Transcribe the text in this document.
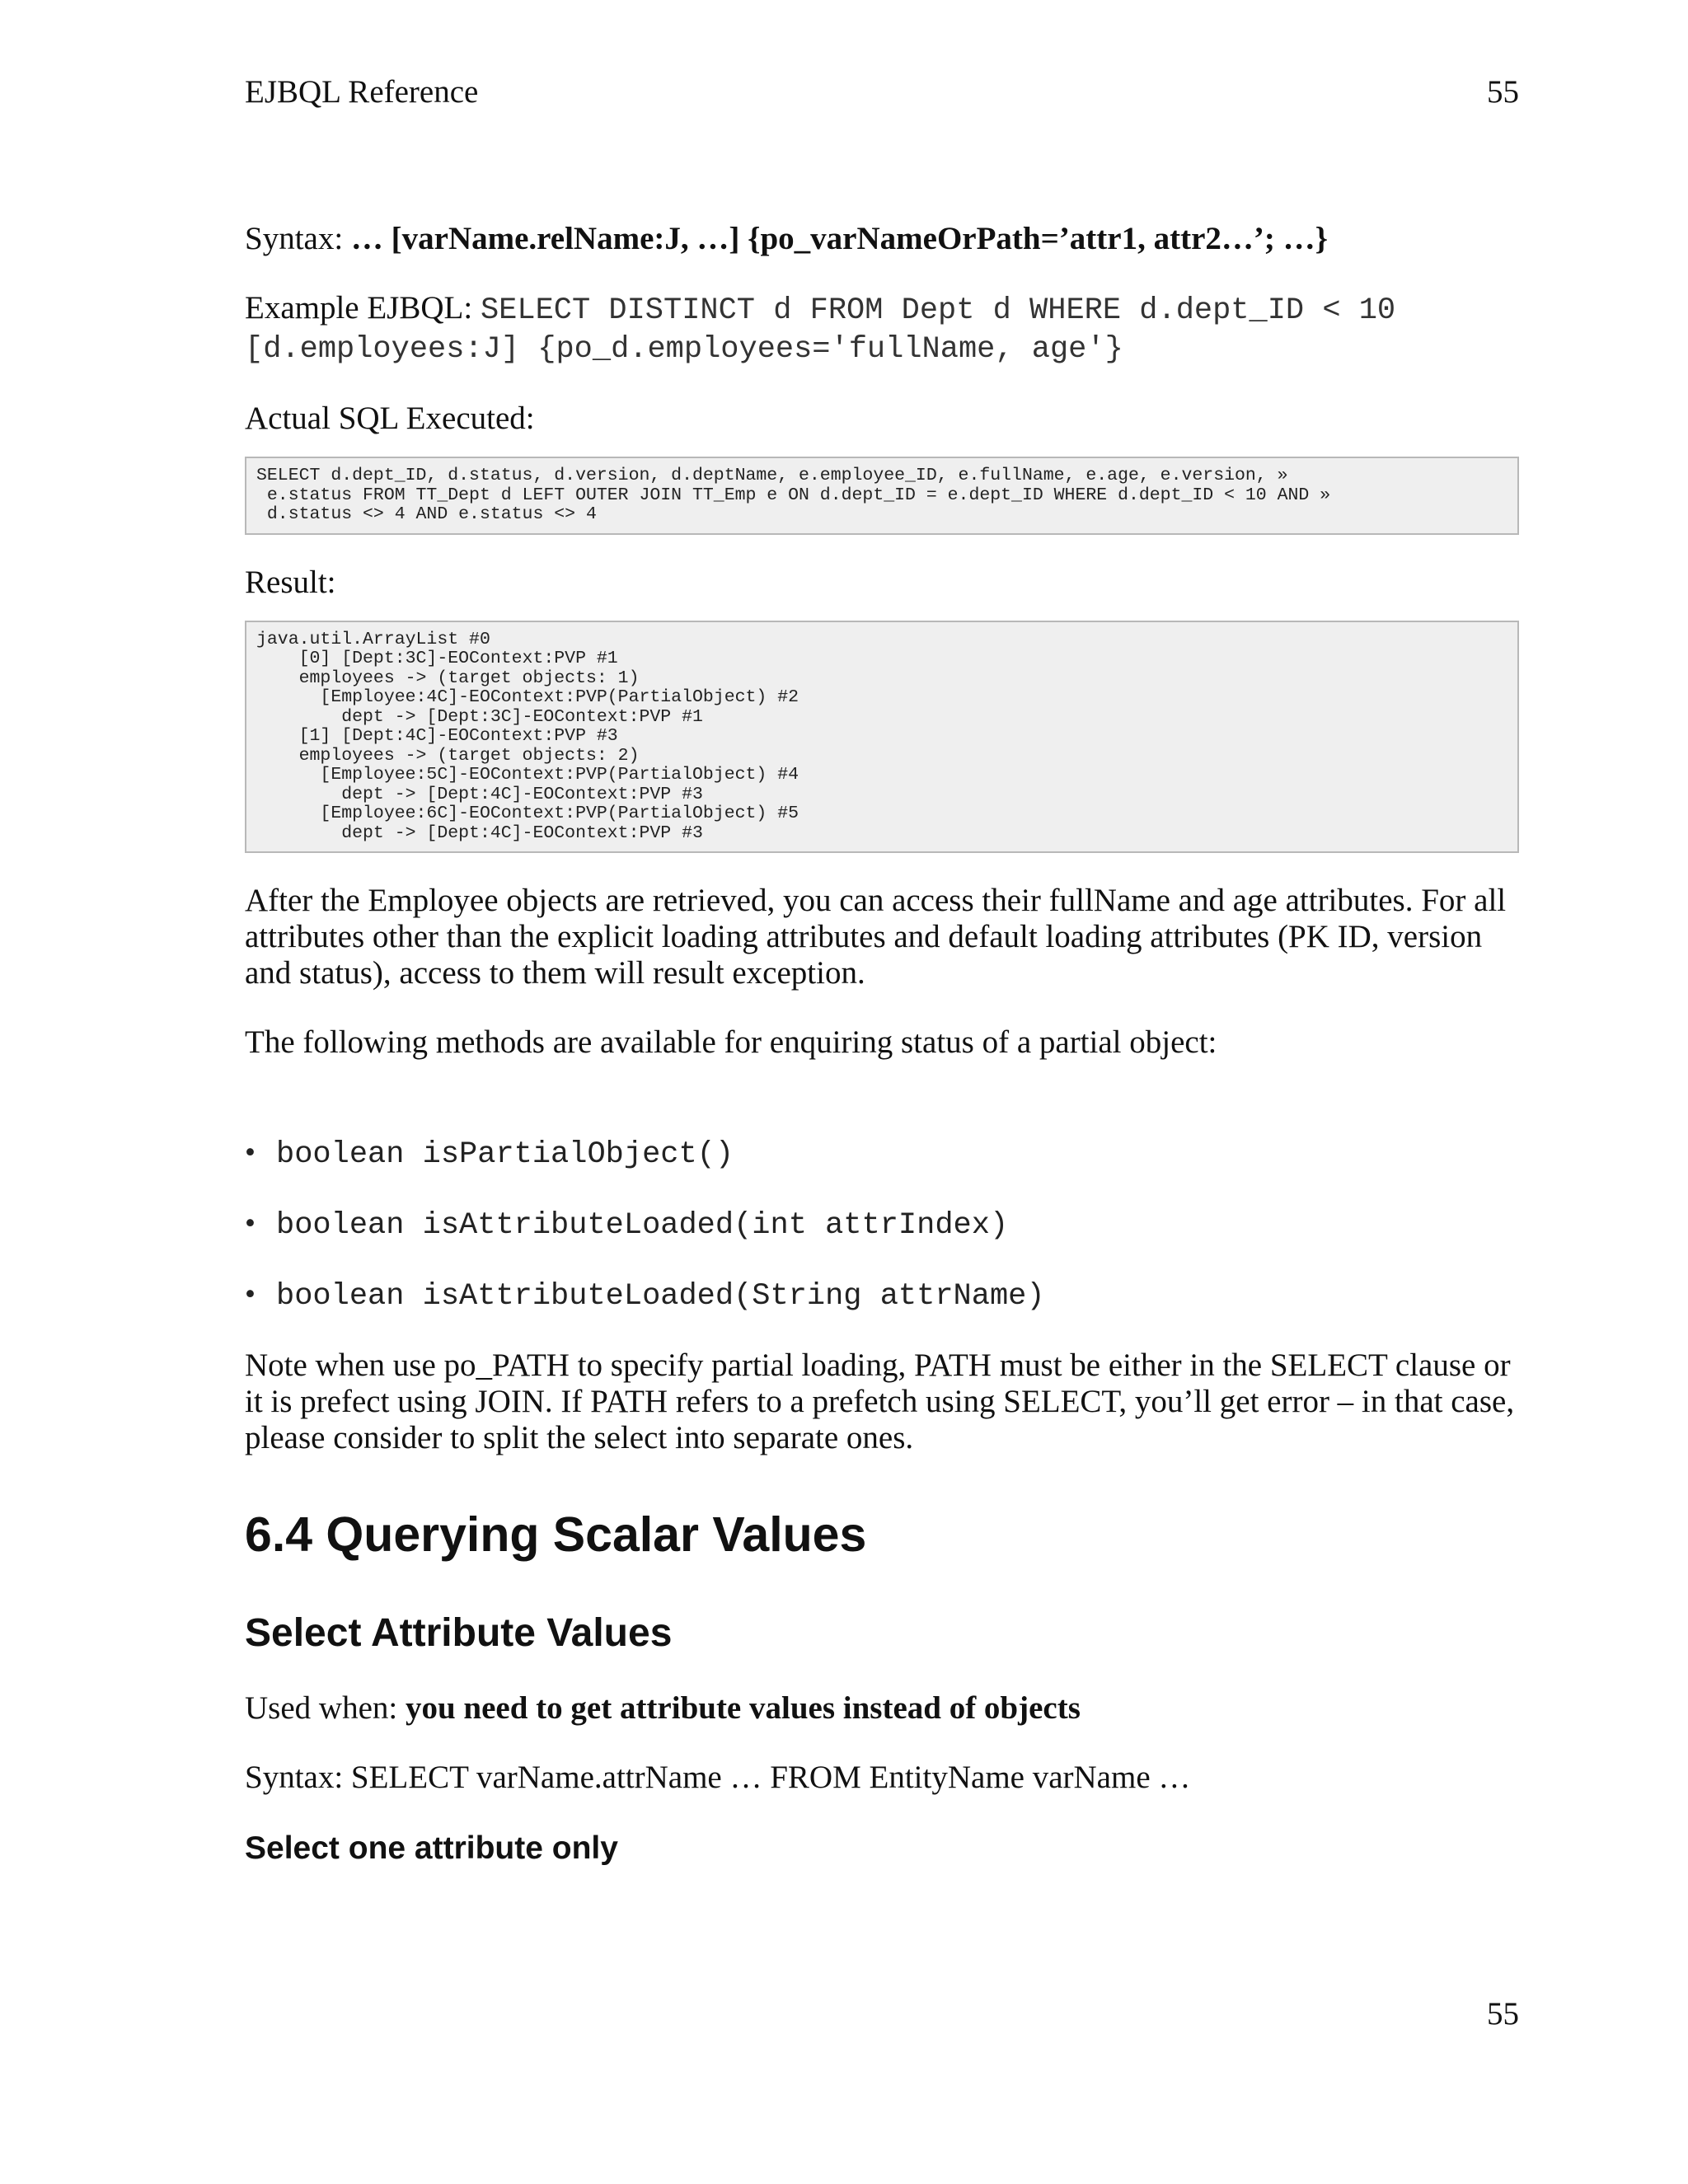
EJBQL Reference	55

Syntax: … [varName.relName:J, …] {po_varNameOrPath=’attr1, attr2…’; …}

Example EJBQL: SELECT DISTINCT d FROM Dept d WHERE d.dept_ID < 10 [d.employees:J] {po_d.employees='fullName, age'}

Actual SQL Executed:

SELECT d.dept_ID, d.status, d.version, d.deptName, e.employee_ID, e.fullName, e.age, e.version, »
e.status FROM TT_Dept d LEFT OUTER JOIN TT_Emp e ON d.dept_ID = e.dept_ID WHERE d.dept_ID < 10 AND »
d.status <> 4 AND e.status <> 4

Result:

java.util.ArrayList #0
[0] [Dept:3C]-EOContext:PVP #1
employees -> (target objects: 1)
[Employee:4C]-EOContext:PVP(PartialObject) #2
dept -> [Dept:3C]-EOContext:PVP #1
[1] [Dept:4C]-EOContext:PVP #3
employees -> (target objects: 2)
[Employee:5C]-EOContext:PVP(PartialObject) #4
dept -> [Dept:4C]-EOContext:PVP #3
[Employee:6C]-EOContext:PVP(PartialObject) #5
dept -> [Dept:4C]-EOContext:PVP #3

After the Employee objects are retrieved, you can access their fullName and age attributes. For all attributes other than the explicit loading attributes and default loading attributes (PK ID, version and status), access to them will result exception.

The following methods are available for enquiring status of a partial object:

• boolean isPartialObject()
• boolean isAttributeLoaded(int attrIndex)
• boolean isAttributeLoaded(String attrName)

Note when use po_PATH to specify partial loading, PATH must be either in the SELECT clause or it is prefect using JOIN. If PATH refers to a prefetch using SELECT, you’ll get error – in that case, please consider to split the select into separate ones.

6.4 Querying Scalar Values
Select Attribute Values

Used when: you need to get attribute values instead of objects

Syntax: SELECT varName.attrName … FROM EntityName varName …

Select one attribute only
55
